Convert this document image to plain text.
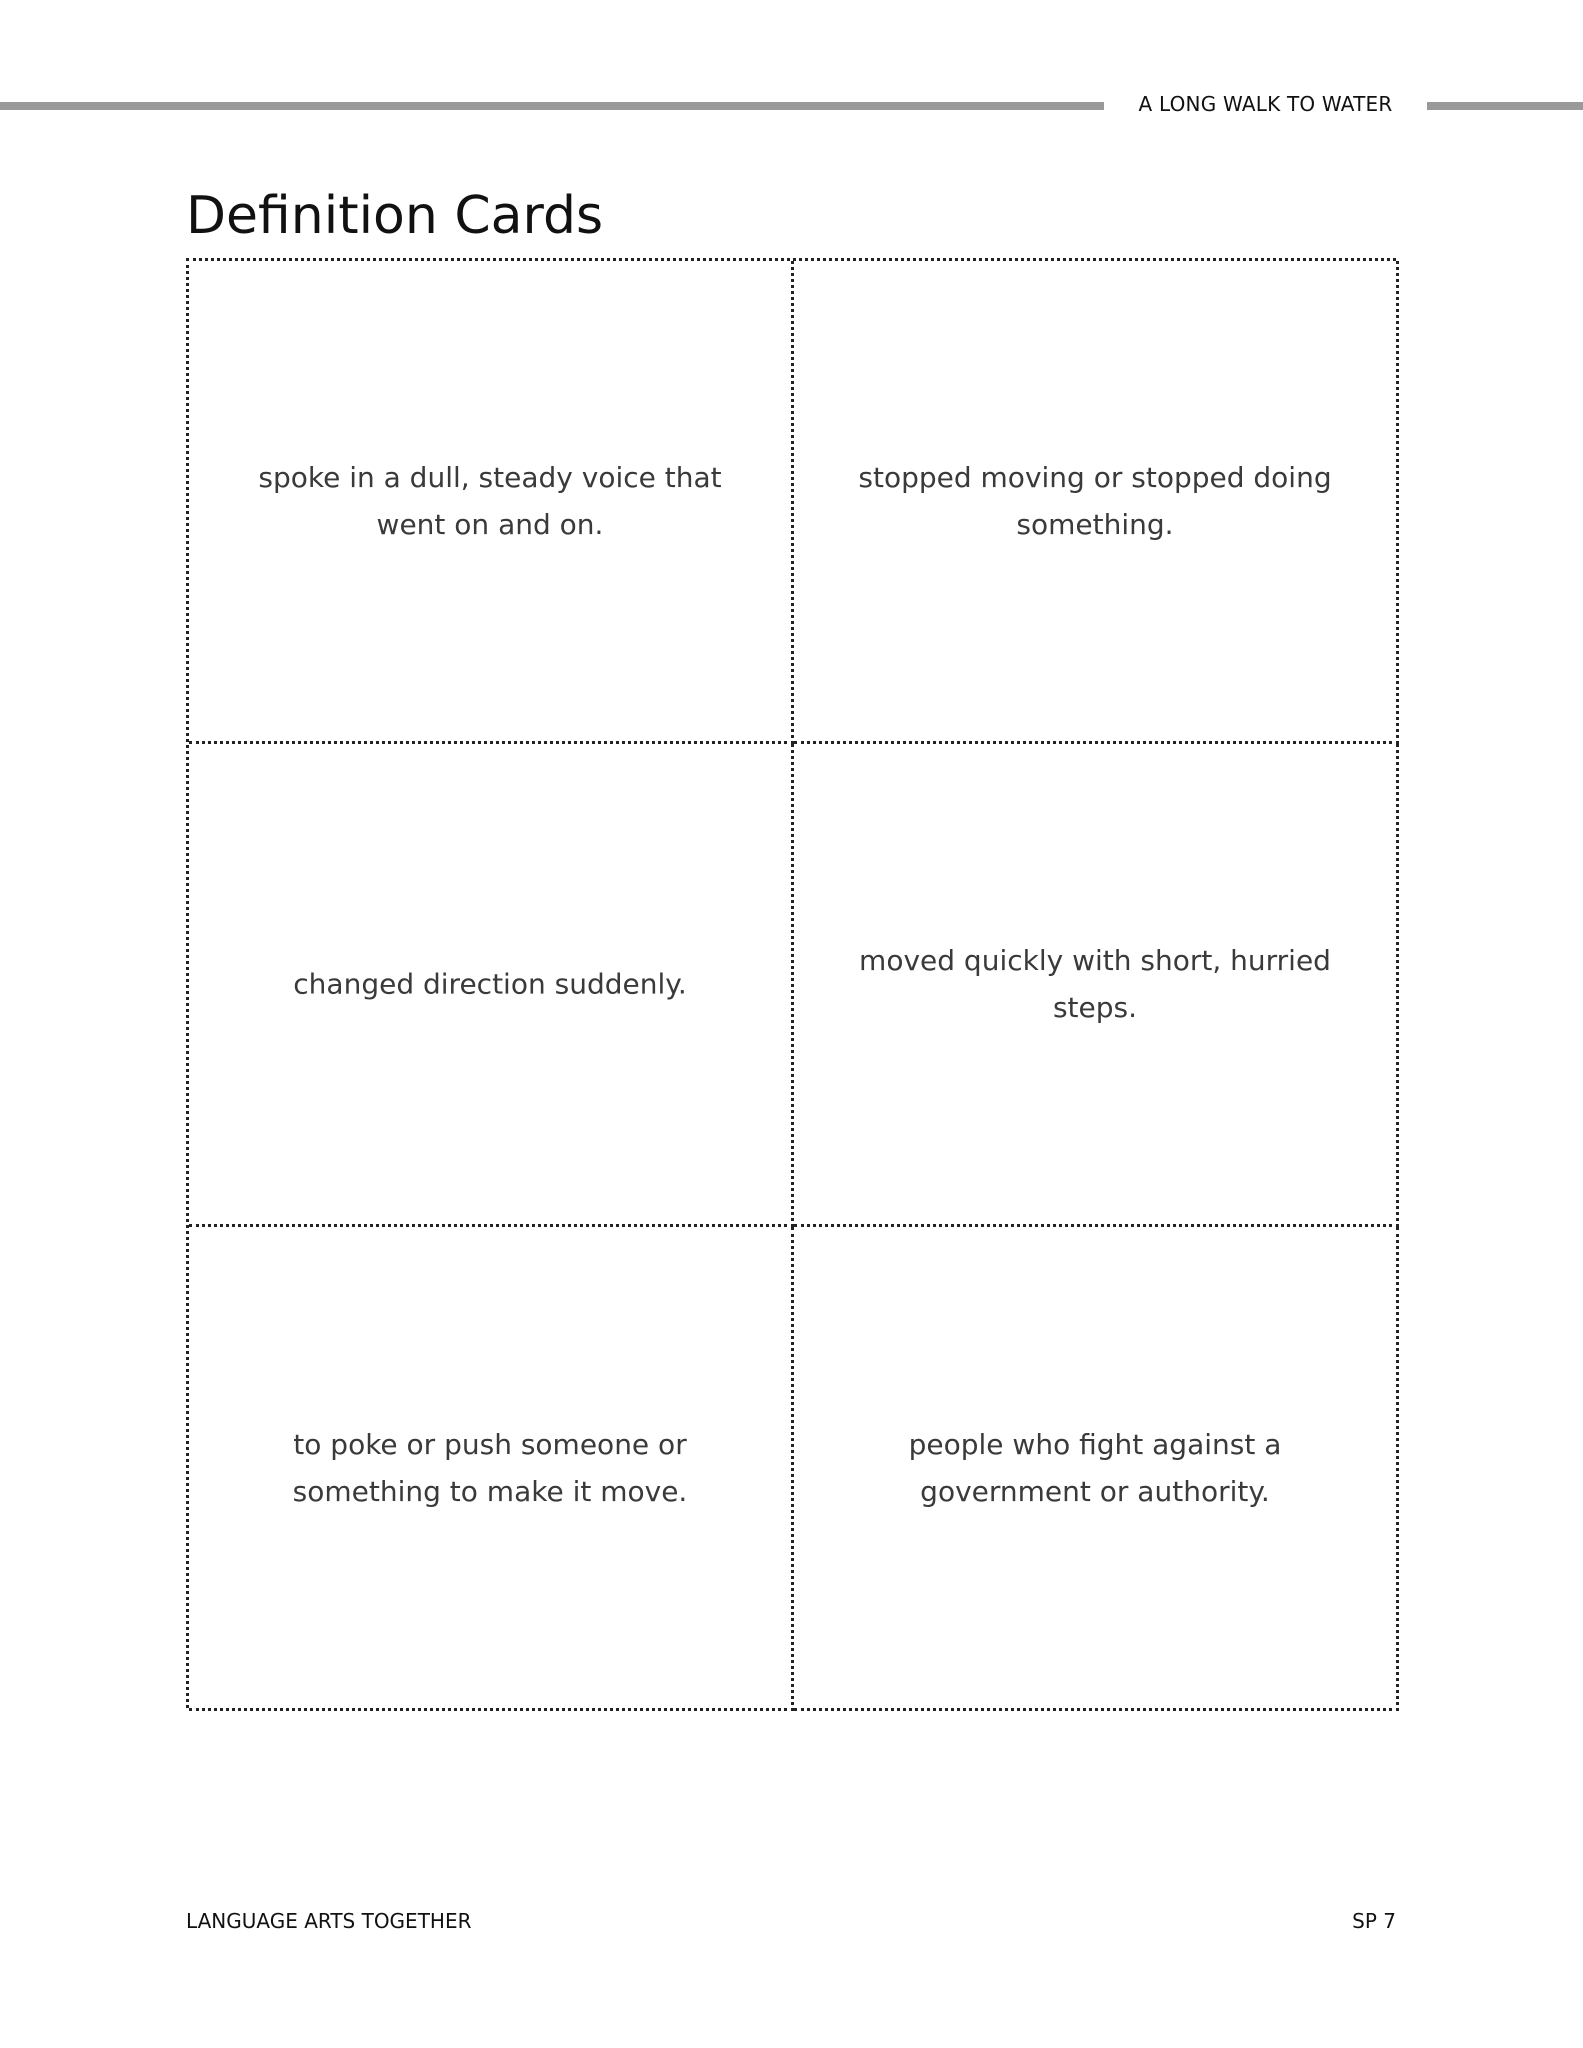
A LONG WALK TO WATER
Definition Cards
spoke in a dull, steady voice that went on and on.
stopped moving or stopped doing something.
changed direction suddenly.
moved quickly with short, hurried steps.
to poke or push someone or something to make it move.
people who fight against a government or authority.
LANGUAGE ARTS TOGETHER	SP 7
